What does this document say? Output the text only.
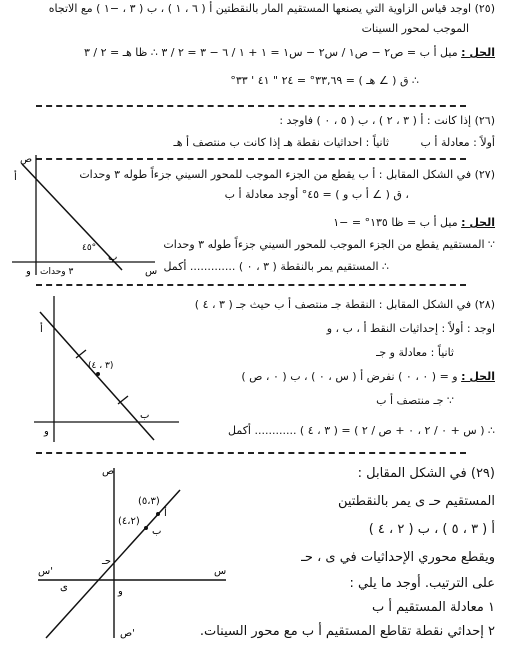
(٢٥) اوجد قياس الزاوية التي يصنعها المستقيم المار بالنقطتين أ ( ٦ ، ١ ) ، ب ( ٣ ، −١ ) مع الاتجاه
الموجب لمحور السينات
الحل : ميل أ ب = ص٢ − ص١ / س٢ − س١ = ١ + ١ / ٦ − ٣ = ٢ / ٣ ∴ ظا هـ = ٢ / ٣
∴ ق ( ∠ هـ ) = ٣٣,٦٩° = ٢٤ " ٤١ ' ٣٣°
(٢٦) إذا كانت : أ ( ٣ ، ٢ ) ، ب ( ٥ ، ٠ ) فاوجد :
أولاً : معادلة أ ب
ثانياً : احداثيات نقطة هـ إذا كانت ب منتصف أ هـ
(٢٧) في الشكل المقابل : أ ب يقطع من الجزء الموجب للمحور السيني جزءاً طوله ٣ وحدات
، ق ( ∠ أ ب و ) = ٤٥° أوجد معادلة أ ب
الحل : ميل أ ب = ظا ١٣٥° = −١
∵ المستقيم يقطع من الجزء الموجب للمحور السيني جزءاً طوله ٣ وحدات
∴ المستقيم يمر بالنقطة ( ٣ ، ٠ ) ............. أكمل
ص
س
و
أ
ب
٣ وحدات
٤٥°
(٢٨) في الشكل المقابل : النقطة جـ منتصف أ ب حيث جـ ( ٣ ، ٤ )
اوجد : أولاً : إحداثيات النقط أ ، ب ، و
ثانياً : معادلة و جـ
الحل : و = ( ٠ ، ٠ ) نفرض أ ( س ، ٠ ) ، ب ( ٠ ، ص )
∵ جـ منتصف أ ب
∴ ( س + ٠ / ٢ ، ٠ + ص / ٢ ) = ( ٣ ، ٤ ) ............ أكمل
(٣ ، ٤)
أ
ب
و
(٢٩) في الشكل المقابل :
المستقيم حـ ى يمر بالنقطتين
أ ( ٣ ، ٥ ) ، ب ( ٢ ، ٤ )
ويقطع محوري الإحداثيات في ى ، حـ
على الترتيب. أوجد ما يلي :
١ معادلة المستقيم أ ب
٢ إحداثي نقطة تقاطع المستقيم أ ب مع محور السينات.
(٥،٣)
(٤،٢)
أ
ب
ص
س
س'
ص'
و
حـ
ى
